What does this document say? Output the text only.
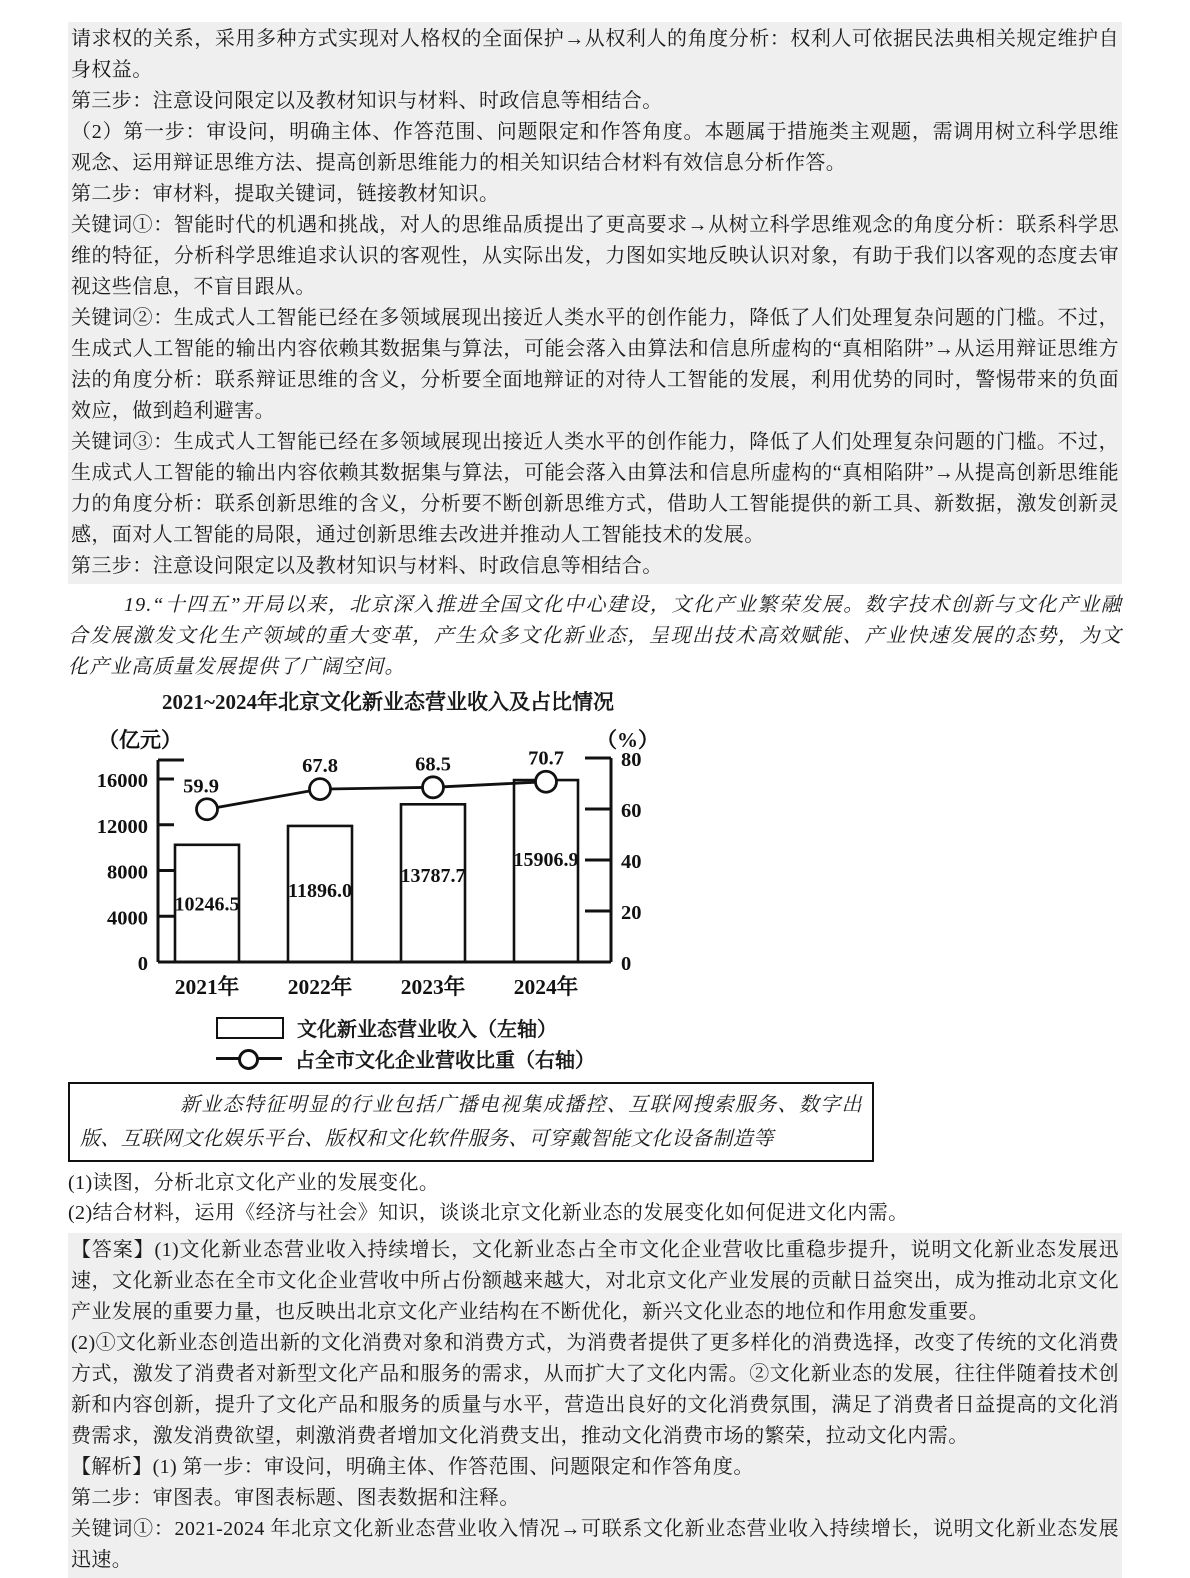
请求权的关系，采用多种方式实现对人格权的全面保护→从权利人的角度分析：权利人可依据民法典相关规定维护自身权益。

第三步：注意设问限定以及教材知识与材料、时政信息等相结合。

（2）第一步：审设问，明确主体、作答范围、问题限定和作答角度。本题属于措施类主观题，需调用树立科学思维观念、运用辩证思维方法、提高创新思维能力的相关知识结合材料有效信息分析作答。

第二步：审材料，提取关键词，链接教材知识。

关键词①：智能时代的机遇和挑战，对人的思维品质提出了更高要求→从树立科学思维观念的角度分析：联系科学思维的特征，分析科学思维追求认识的客观性，从实际出发，力图如实地反映认识对象，有助于我们以客观的态度去审视这些信息，不盲目跟从。

关键词②：生成式人工智能已经在多领域展现出接近人类水平的创作能力，降低了人们处理复杂问题的门槛。不过，生成式人工智能的输出内容依赖其数据集与算法，可能会落入由算法和信息所虚构的“真相陷阱”→从运用辩证思维方法的角度分析：联系辩证思维的含义，分析要全面地辩证的对待人工智能的发展，利用优势的同时，警惕带来的负面效应，做到趋利避害。

关键词③：生成式人工智能已经在多领域展现出接近人类水平的创作能力，降低了人们处理复杂问题的门槛。不过，生成式人工智能的输出内容依赖其数据集与算法，可能会落入由算法和信息所虚构的“真相陷阱”→从提高创新思维能力的角度分析：联系创新思维的含义，分析要不断创新思维方式，借助人工智能提供的新工具、新数据，激发创新灵感，面对人工智能的局限，通过创新思维去改进并推动人工智能技术的发展。

第三步：注意设问限定以及教材知识与材料、时政信息等相结合。

19.“十四五”开局以来，北京深入推进全国文化中心建设，文化产业繁荣发展。数字技术创新与文化产业融合发展激发文化生产领域的重大变革，产生众多文化新业态，呈现出技术高效赋能、产业快速发展的态势，为文化产业高质量发展提供了广阔空间。

2021~2024年北京文化新业态营业收入及占比情况
（亿元）	（%）
10246.5
11896.0
13787.7
15906.9
0
4000
8000
12000
16000
0
20
40
60
80
2021年 2022年 2023年 2024年
59.9
67.8	68.5	70.7
文化新业态营业收入（左轴）
占全市文化企业营收比重（右轴）

新业态特征明显的行业包括广播电视集成播控、互联网搜索服务、数字出版、互联网文化娱乐平台、版权和文化软件服务、可穿戴智能文化设备制造等

(1)读图，分析北京文化产业的发展变化。

(2)结合材料，运用《经济与社会》知识，谈谈北京文化新业态的发展变化如何促进文化内需。

【答案】(1)文化新业态营业收入持续增长，文化新业态占全市文化企业营收比重稳步提升，说明文化新业态发展迅速，文化新业态在全市文化企业营收中所占份额越来越大，对北京文化产业发展的贡献日益突出，成为推动北京文化产业发展的重要力量，也反映出北京文化产业结构在不断优化，新兴文化业态的地位和作用愈发重要。

(2)①文化新业态创造出新的文化消费对象和消费方式，为消费者提供了更多样化的消费选择，改变了传统的文化消费方式，激发了消费者对新型文化产品和服务的需求，从而扩大了文化内需。②文化新业态的发展，往往伴随着技术创新和内容创新，提升了文化产品和服务的质量与水平，营造出良好的文化消费氛围，满足了消费者日益提高的文化消费需求，激发消费欲望，刺激消费者增加文化消费支出，推动文化消费市场的繁荣，拉动文化内需。

【解析】(1) 第一步：审设问，明确主体、作答范围、问题限定和作答角度。

第二步：审图表。审图表标题、图表数据和注释。

关键词①：2021-2024 年北京文化新业态营业收入情况→可联系文化新业态营业收入持续增长，说明文化新业态发展迅速。
